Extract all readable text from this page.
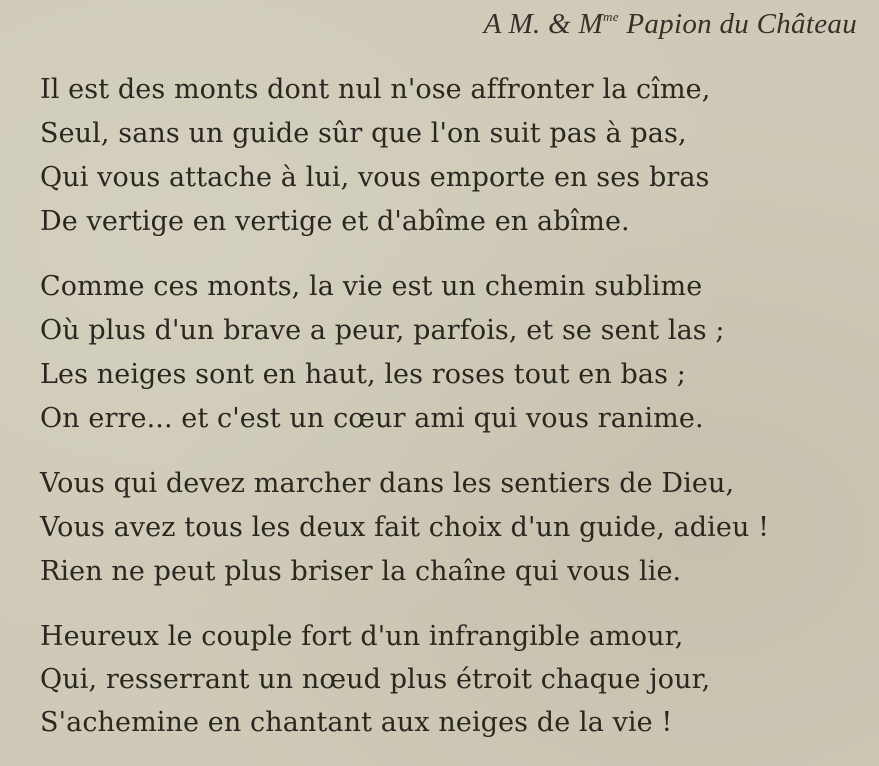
A M. & $M^{me}$ Papion du Château
Il est des monts dont nul n'ose affronter la cîme,
Seul, sans un guide sûr que l'on suit pas à pas,
Qui vous attache à lui, vous emporte en ses bras
De vertige en vertige et d'abîme en abîme.
Comme ces monts, la vie est un chemin sublime
Où plus d'un brave a peur, parfois, et se sent las ;
Les neiges sont en haut, les roses tout en bas ;
On erre... et c'est un cœur ami qui vous ranime.
Vous qui devez marcher dans les sentiers de Dieu,
Vous avez tous les deux fait choix d'un guide, adieu !
Rien ne peut plus briser la chaîne qui vous lie.
Heureux le couple fort d'un infrangible amour,
Qui, resserrant un nœud plus étroit chaque jour,
S'achemine en chantant aux neiges de la vie !
